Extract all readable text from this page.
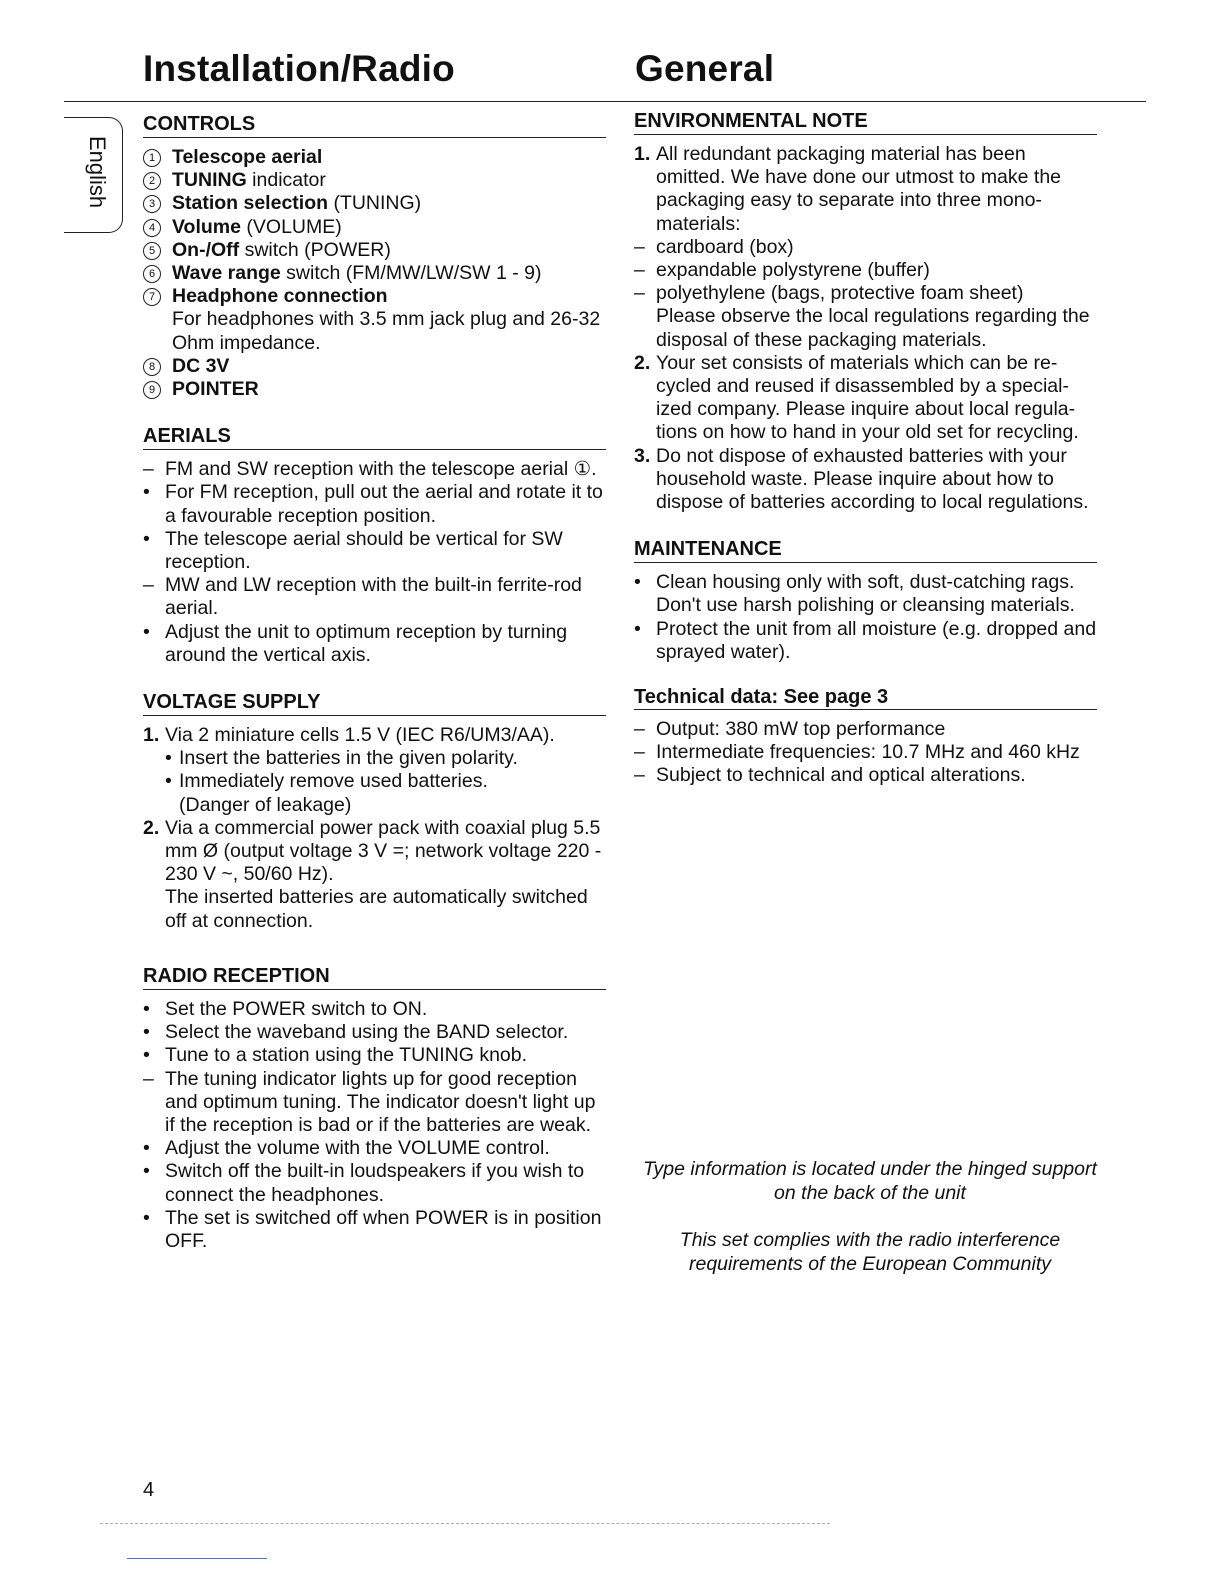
Installation/Radio	General
English
CONTROLS
1 Telescope aerial
2 TUNING indicator
3 Station selection (TUNING)
4 Volume (VOLUME)
5 On-/Off switch (POWER)
6 Wave range switch (FM/MW/LW/SW 1 - 9)
7 Headphone connection
For headphones with 3.5 mm jack plug and 26-32 Ohm impedance.
8 DC 3V
9 POINTER
AERIALS
– FM and SW reception with the telescope aerial ①.
• For FM reception, pull out the aerial and rotate it to a favourable reception position.
• The telescope aerial should be vertical for SW reception.
– MW and LW reception with the built-in ferrite-rod aerial.
• Adjust the unit to optimum reception by turning around the vertical axis.
VOLTAGE SUPPLY
1. Via 2 miniature cells 1.5 V (IEC R6/UM3/AA).
• Insert the batteries in the given polarity.
• Immediately remove used batteries.
(Danger of leakage)
2. Via a commercial power pack with coaxial plug 5.5 mm Ø (output voltage 3 V =; network voltage 220 - 230 V ~, 50/60 Hz).
The inserted batteries are automatically switched off at connection.
RADIO RECEPTION
• Set the POWER switch to ON.
• Select the waveband using the BAND selector.
• Tune to a station using the TUNING knob.
– The tuning indicator lights up for good reception and optimum tuning. The indicator doesn't light up if the reception is bad or if the batteries are weak.
• Adjust the volume with the VOLUME control.
• Switch off the built-in loudspeakers if you wish to connect the headphones.
• The set is switched off when POWER is in position OFF.
ENVIRONMENTAL NOTE
1. All redundant packaging material has been omitted. We have done our utmost to make the packaging easy to separate into three mono-materials:
– cardboard (box)
– expandable polystyrene (buffer)
– polyethylene (bags, protective foam sheet)
Please observe the local regulations regarding the disposal of these packaging materials.
2. Your set consists of materials which can be re-cycled and reused if disassembled by a special-ized company. Please inquire about local regula-tions on how to hand in your old set for recycling.
3. Do not dispose of exhausted batteries with your household waste. Please inquire about how to dispose of batteries according to local regulations.
MAINTENANCE
• Clean housing only with soft, dust-catching rags.
Don't use harsh polishing or cleansing materials.
• Protect the unit from all moisture (e.g. dropped and sprayed water).
Technical data: See page 3
– Output: 380 mW top performance
– Intermediate frequencies: 10.7 MHz and 460 kHz
– Subject to technical and optical alterations.
Type information is located under the hinged support on the back of the unit
This set complies with the radio interference requirements of the European Community
4
